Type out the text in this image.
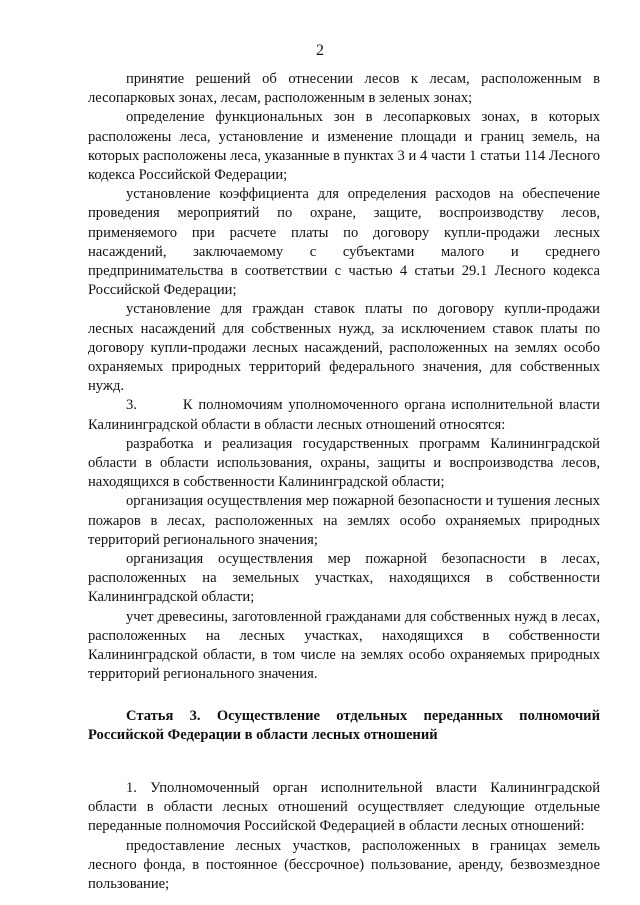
2

принятие решений об отнесении лесов к лесам, расположенным в лесопарковых зонах, лесам, расположенным в зеленых зонах;

определение функциональных зон в лесопарковых зонах, в которых расположены леса, установление и изменение площади и границ земель, на которых расположены леса, указанные в пунктах 3 и 4 части 1 статьи 114 Лесного кодекса Российской Федерации;

установление коэффициента для определения расходов на обеспечение проведения мероприятий по охране, защите, воспроизводству лесов, применяемого при расчете платы по договору купли-продажи лесных насаждений, заключаемому с субъектами малого и среднего предпринимательства в соответствии с частью 4 статьи 29.1 Лесного кодекса Российской Федерации;

установление для граждан ставок платы по договору купли-продажи лесных насаждений для собственных нужд, за исключением ставок платы по договору купли-продажи лесных насаждений, расположенных на землях особо охраняемых природных территорий федерального значения, для собственных нужд.

3.        К полномочиям уполномоченного органа исполнительной власти Калининградской области в области лесных отношений относятся:

разработка и реализация государственных программ Калининградской области в области использования, охраны, защиты и воспроизводства лесов, находящихся в собственности Калининградской области;

организация осуществления мер пожарной безопасности и тушения лесных пожаров в лесах, расположенных на землях особо охраняемых природных территорий регионального значения;

организация осуществления мер пожарной безопасности в лесах, расположенных на земельных участках, находящихся в собственности Калининградской области;

учет древесины, заготовленной гражданами для собственных нужд в лесах, расположенных на лесных участках, находящихся в собственности Калининградской области, в том числе на землях особо охраняемых природных территорий регионального значения.

Статья 3. Осуществление отдельных переданных полномочий Российской Федерации в области лесных отношений

1. Уполномоченный орган исполнительной власти Калининградской области в области лесных отношений осуществляет следующие отдельные переданные полномочия Российской Федерацией в области лесных отношений:

предоставление лесных участков, расположенных в границах земель лесного фонда, в постоянное (бессрочное) пользование, аренду, безвозмездное пользование;
